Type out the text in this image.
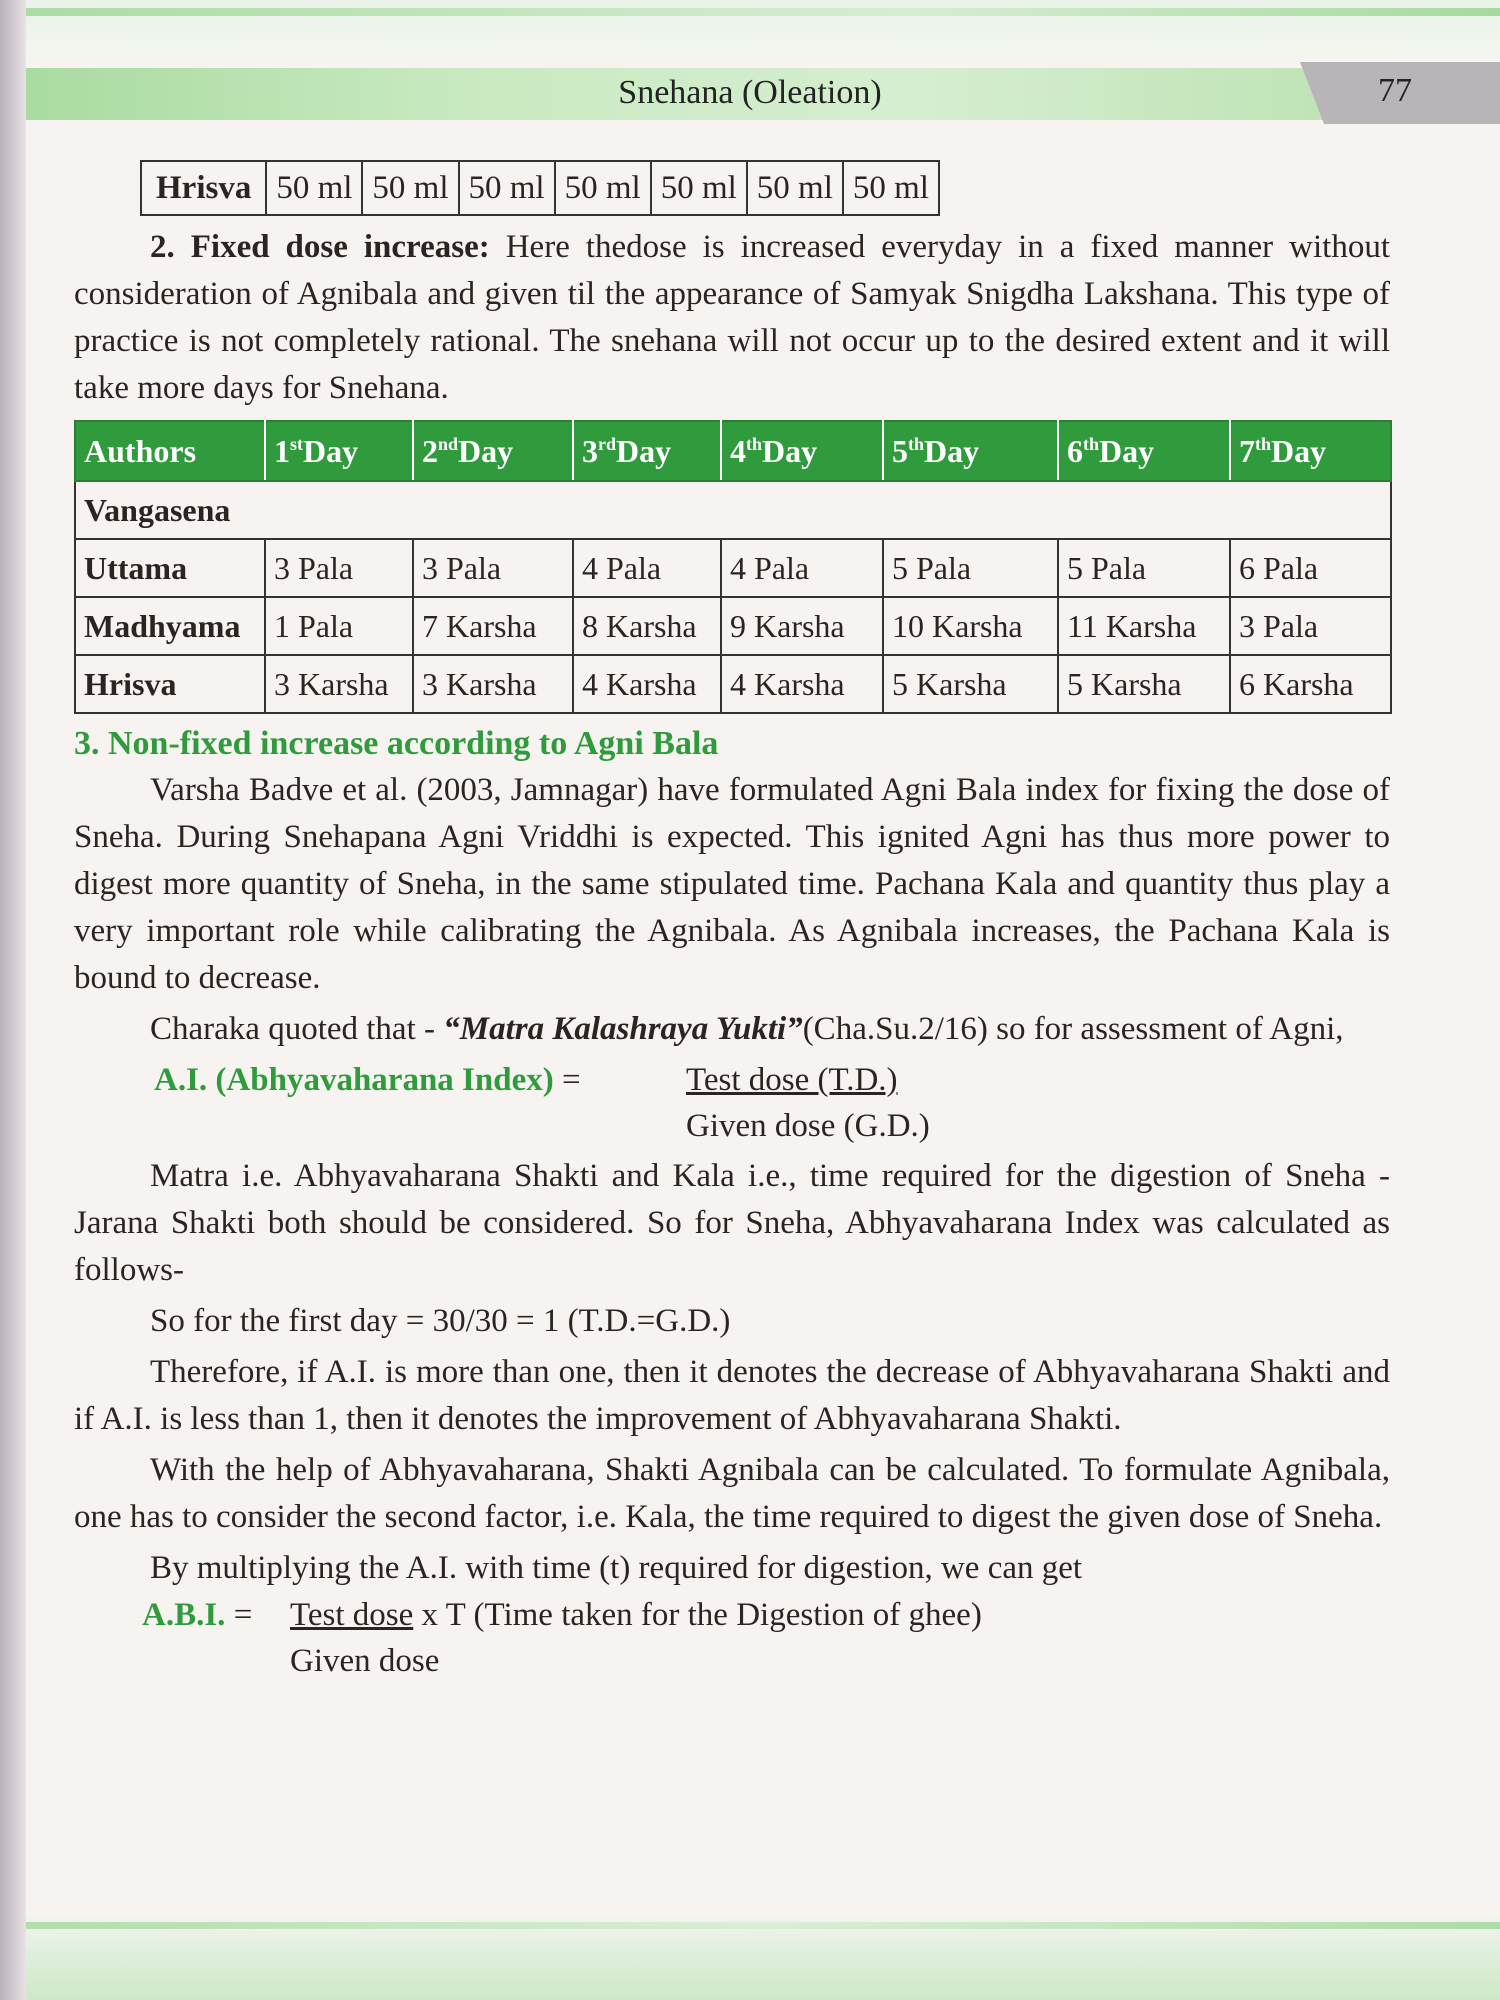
Snehana (Oleation)	77
Hrisva	50 ml	50 ml	50 ml	50 ml	50 ml	50 ml	50 ml

2. Fixed dose increase: Here thedose is increased everyday in a fixed manner without consideration of Agnibala and given til the appearance of Samyak Snigdha Lakshana. This type of practice is not completely rational. The snehana will not occur up to the desired extent and it will take more days for Snehana.

Authors	1stDay	2ndDay	3rdDay	4thDay	5thDay	6thDay	7thDay
Vangasena							
Uttama	3 Pala	3 Pala	4 Pala	4 Pala	5 Pala	5 Pala	6 Pala
Madhyama	1 Pala	7 Karsha	8 Karsha	9 Karsha	10 Karsha	11 Karsha	3 Pala
Hrisva	3 Karsha	3 Karsha	4 Karsha	4 Karsha	5 Karsha	5 Karsha	6 Karsha
3. Non-fixed increase according to Agni Bala

Varsha Badve et al. (2003, Jamnagar) have formulated Agni Bala index for fixing the dose of Sneha. During Snehapana Agni Vriddhi is expected. This ignited Agni has thus more power to digest more quantity of Sneha, in the same stipulated time. Pachana Kala and quantity thus play a very important role while calibrating the Agnibala. As Agnibala increases, the Pachana Kala is bound to decrease.

Charaka quoted that - “Matra Kalashraya Yukti”(Cha.Su.2/16) so for assessment of Agni,

A.I. (Abhyavaharana Index) =	Test dose (T.D.)
Given dose (G.D.)

Matra i.e. Abhyavaharana Shakti and Kala i.e., time required for the digestion of Sneha - Jarana Shakti both should be considered. So for Sneha, Abhyavaharana Index was calculated as follows-

So for the first day = 30/30 = 1 (T.D.=G.D.)

Therefore, if A.I. is more than one, then it denotes the decrease of Abhyavaharana Shakti and if A.I. is less than 1, then it denotes the improvement of Abhyavaharana Shakti.

With the help of Abhyavaharana, Shakti Agnibala can be calculated. To formulate Agnibala, one has to consider the second factor, i.e. Kala, the time required to digest the given dose of Sneha.

By multiplying the A.I. with time (t) required for digestion, we can get

A.B.I. = Test dose x T (Time taken for the Digestion of ghee)
Given dose
